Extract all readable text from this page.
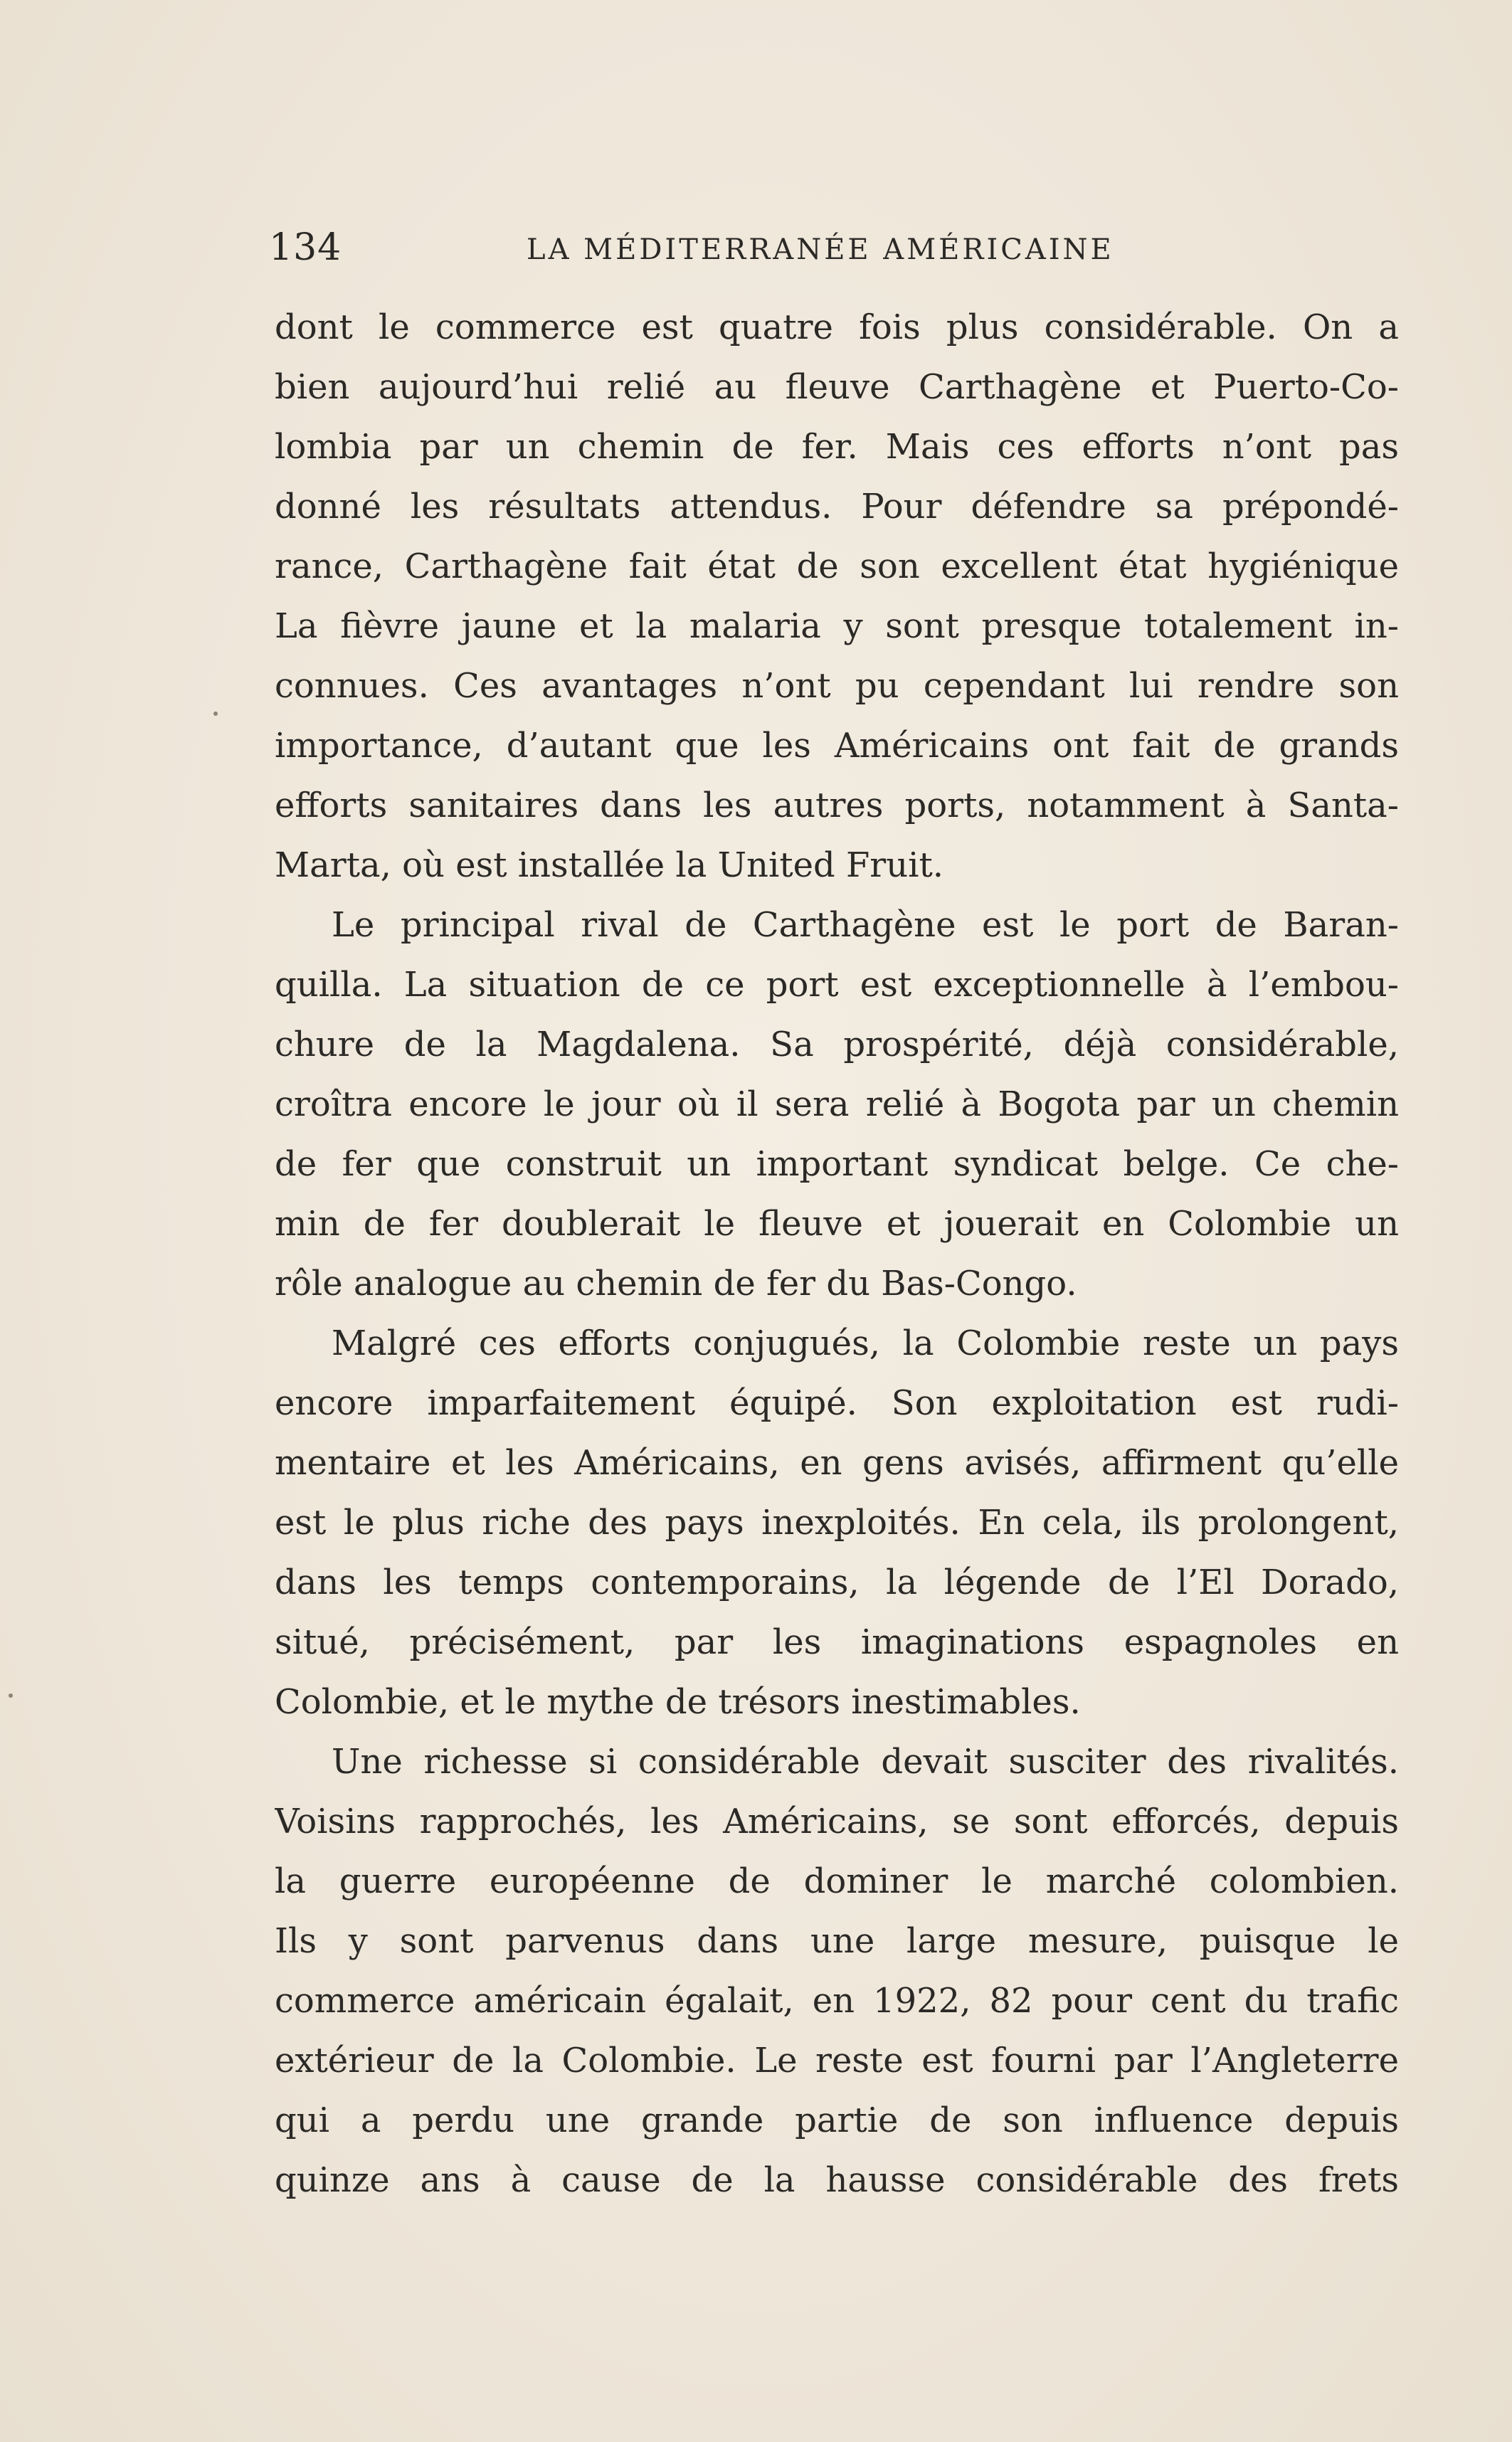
134	LA MÉDITERRANÉE AMÉRICAINE
dont le commerce est quatre fois plus considérable. On a
bien aujourd’hui relié au fleuve Carthagène et Puerto-Co-
lombia par un chemin de fer. Mais ces efforts n’ont pas
donné les résultats attendus. Pour défendre sa prépondé-
rance, Carthagène fait état de son excellent état hygiénique
La fièvre jaune et la malaria y sont presque totalement in-
connues. Ces avantages n’ont pu cependant lui rendre son
importance, d’autant que les Américains ont fait de grands
efforts sanitaires dans les autres ports, notamment à Santa-
Marta, où est installée la United Fruit.
Le principal rival de Carthagène est le port de Baran-
quilla. La situation de ce port est exceptionnelle à l’embou-
chure de la Magdalena. Sa prospérité, déjà considérable,
croîtra encore le jour où il sera relié à Bogota par un chemin
de fer que construit un important syndicat belge. Ce che-
min de fer doublerait le fleuve et jouerait en Colombie un
rôle analogue au chemin de fer du Bas-Congo.
Malgré ces efforts conjugués, la Colombie reste un pays
encore imparfaitement équipé. Son exploitation est rudi-
mentaire et les Américains, en gens avisés, affirment qu’elle
est le plus riche des pays inexploités. En cela, ils prolongent,
dans les temps contemporains, la légende de l’El Dorado,
situé, précisément, par les imaginations espagnoles en
Colombie, et le mythe de trésors inestimables.
Une richesse si considérable devait susciter des rivalités.
Voisins rapprochés, les Américains, se sont efforcés, depuis
la guerre européenne de dominer le marché colombien.
Ils y sont parvenus dans une large mesure, puisque le
commerce américain égalait, en 1922, 82 pour cent du trafic
extérieur de la Colombie. Le reste est fourni par l’Angleterre
qui a perdu une grande partie de son influence depuis
quinze ans à cause de la hausse considérable des frets
